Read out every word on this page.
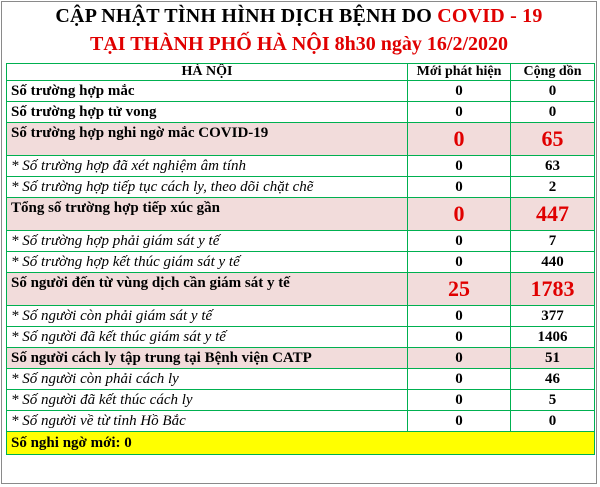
CẬP NHẬT TÌNH HÌNH DỊCH BỆNH DO COVID - 19
TẠI THÀNH PHỐ HÀ NỘI 8h30 ngày 16/2/2020
HÀ NỘI	Mới phát hiện	Cộng dồn
Số trường hợp mắc	0	0
Số trường hợp tử vong	0	0
Số trường hợp nghi ngờ mắc COVID-19	0	65
* Số trường hợp đã xét nghiệm âm tính	0	63
* Số trường hợp tiếp tục cách ly, theo dõi chặt chẽ	0	2
Tổng số trường hợp tiếp xúc gần	0	447
* Số trường hợp phải giám sát y tế	0	7
* Số trường hợp kết thúc giám sát y tế	0	440
Số người đến từ vùng dịch cần giám sát y tế	25	1783
* Số người còn phải giám sát y tế	0	377
* Số người đã kết thúc giám sát y tế	0	1406
Số người cách ly tập trung tại Bệnh viện CATP	0	51
* Số người còn phải cách ly	0	46
* Số người đã kết thúc cách ly	0	5
* Số người về từ tỉnh Hồ Bắc	0	0
Số nghi ngờ mới: 0		
